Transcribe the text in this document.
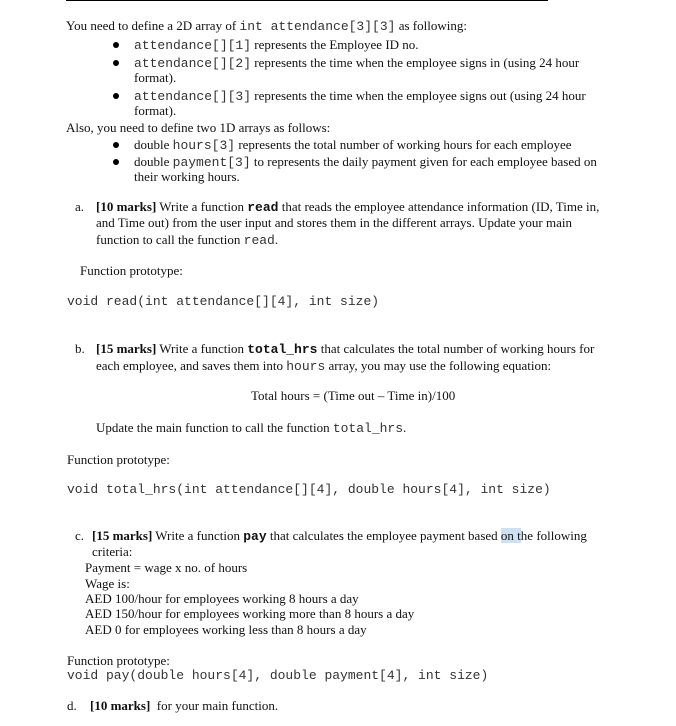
You need to define a 2D array of int attendance[3][3] as following:
attendance[][1] represents the Employee ID no.
attendance[][2] represents the time when the employee signs in (using 24 hour
format).
attendance[][3] represents the time when the employee signs out (using 24 hour
format).
Also, you need to define two 1D arrays as follows:
double hours[3] represents the total number of working hours for each employee
double payment[3] to represents the daily payment given for each employee based on
their working hours.
a. [10 marks] Write a function read that reads the employee attendance information (ID, Time in,
and Time out) from the user input and stores them in the different arrays. Update your main
function to call the function read.
Function prototype:
void read(int attendance[][4], int size)
b. [15 marks] Write a function total_hrs that calculates the total number of working hours for
each employee, and saves them into hours array, you may use the following equation:
Total hours = (Time out – Time in)/100
Update the main function to call the function total_hrs.
Function prototype:
void total_hrs(int attendance[][4], double hours[4], int size)
c. [15 marks] Write a function pay that calculates the employee payment based on the following
criteria:
Payment = wage x no. of hours
Wage is:
AED 100/hour for employees working 8 hours a day
AED 150/hour for employees working more than 8 hours a day
AED 0 for employees working less than 8 hours a day
Function prototype:
void pay(double hours[4], double payment[4], int size)
d. [10 marks]  for your main function.
